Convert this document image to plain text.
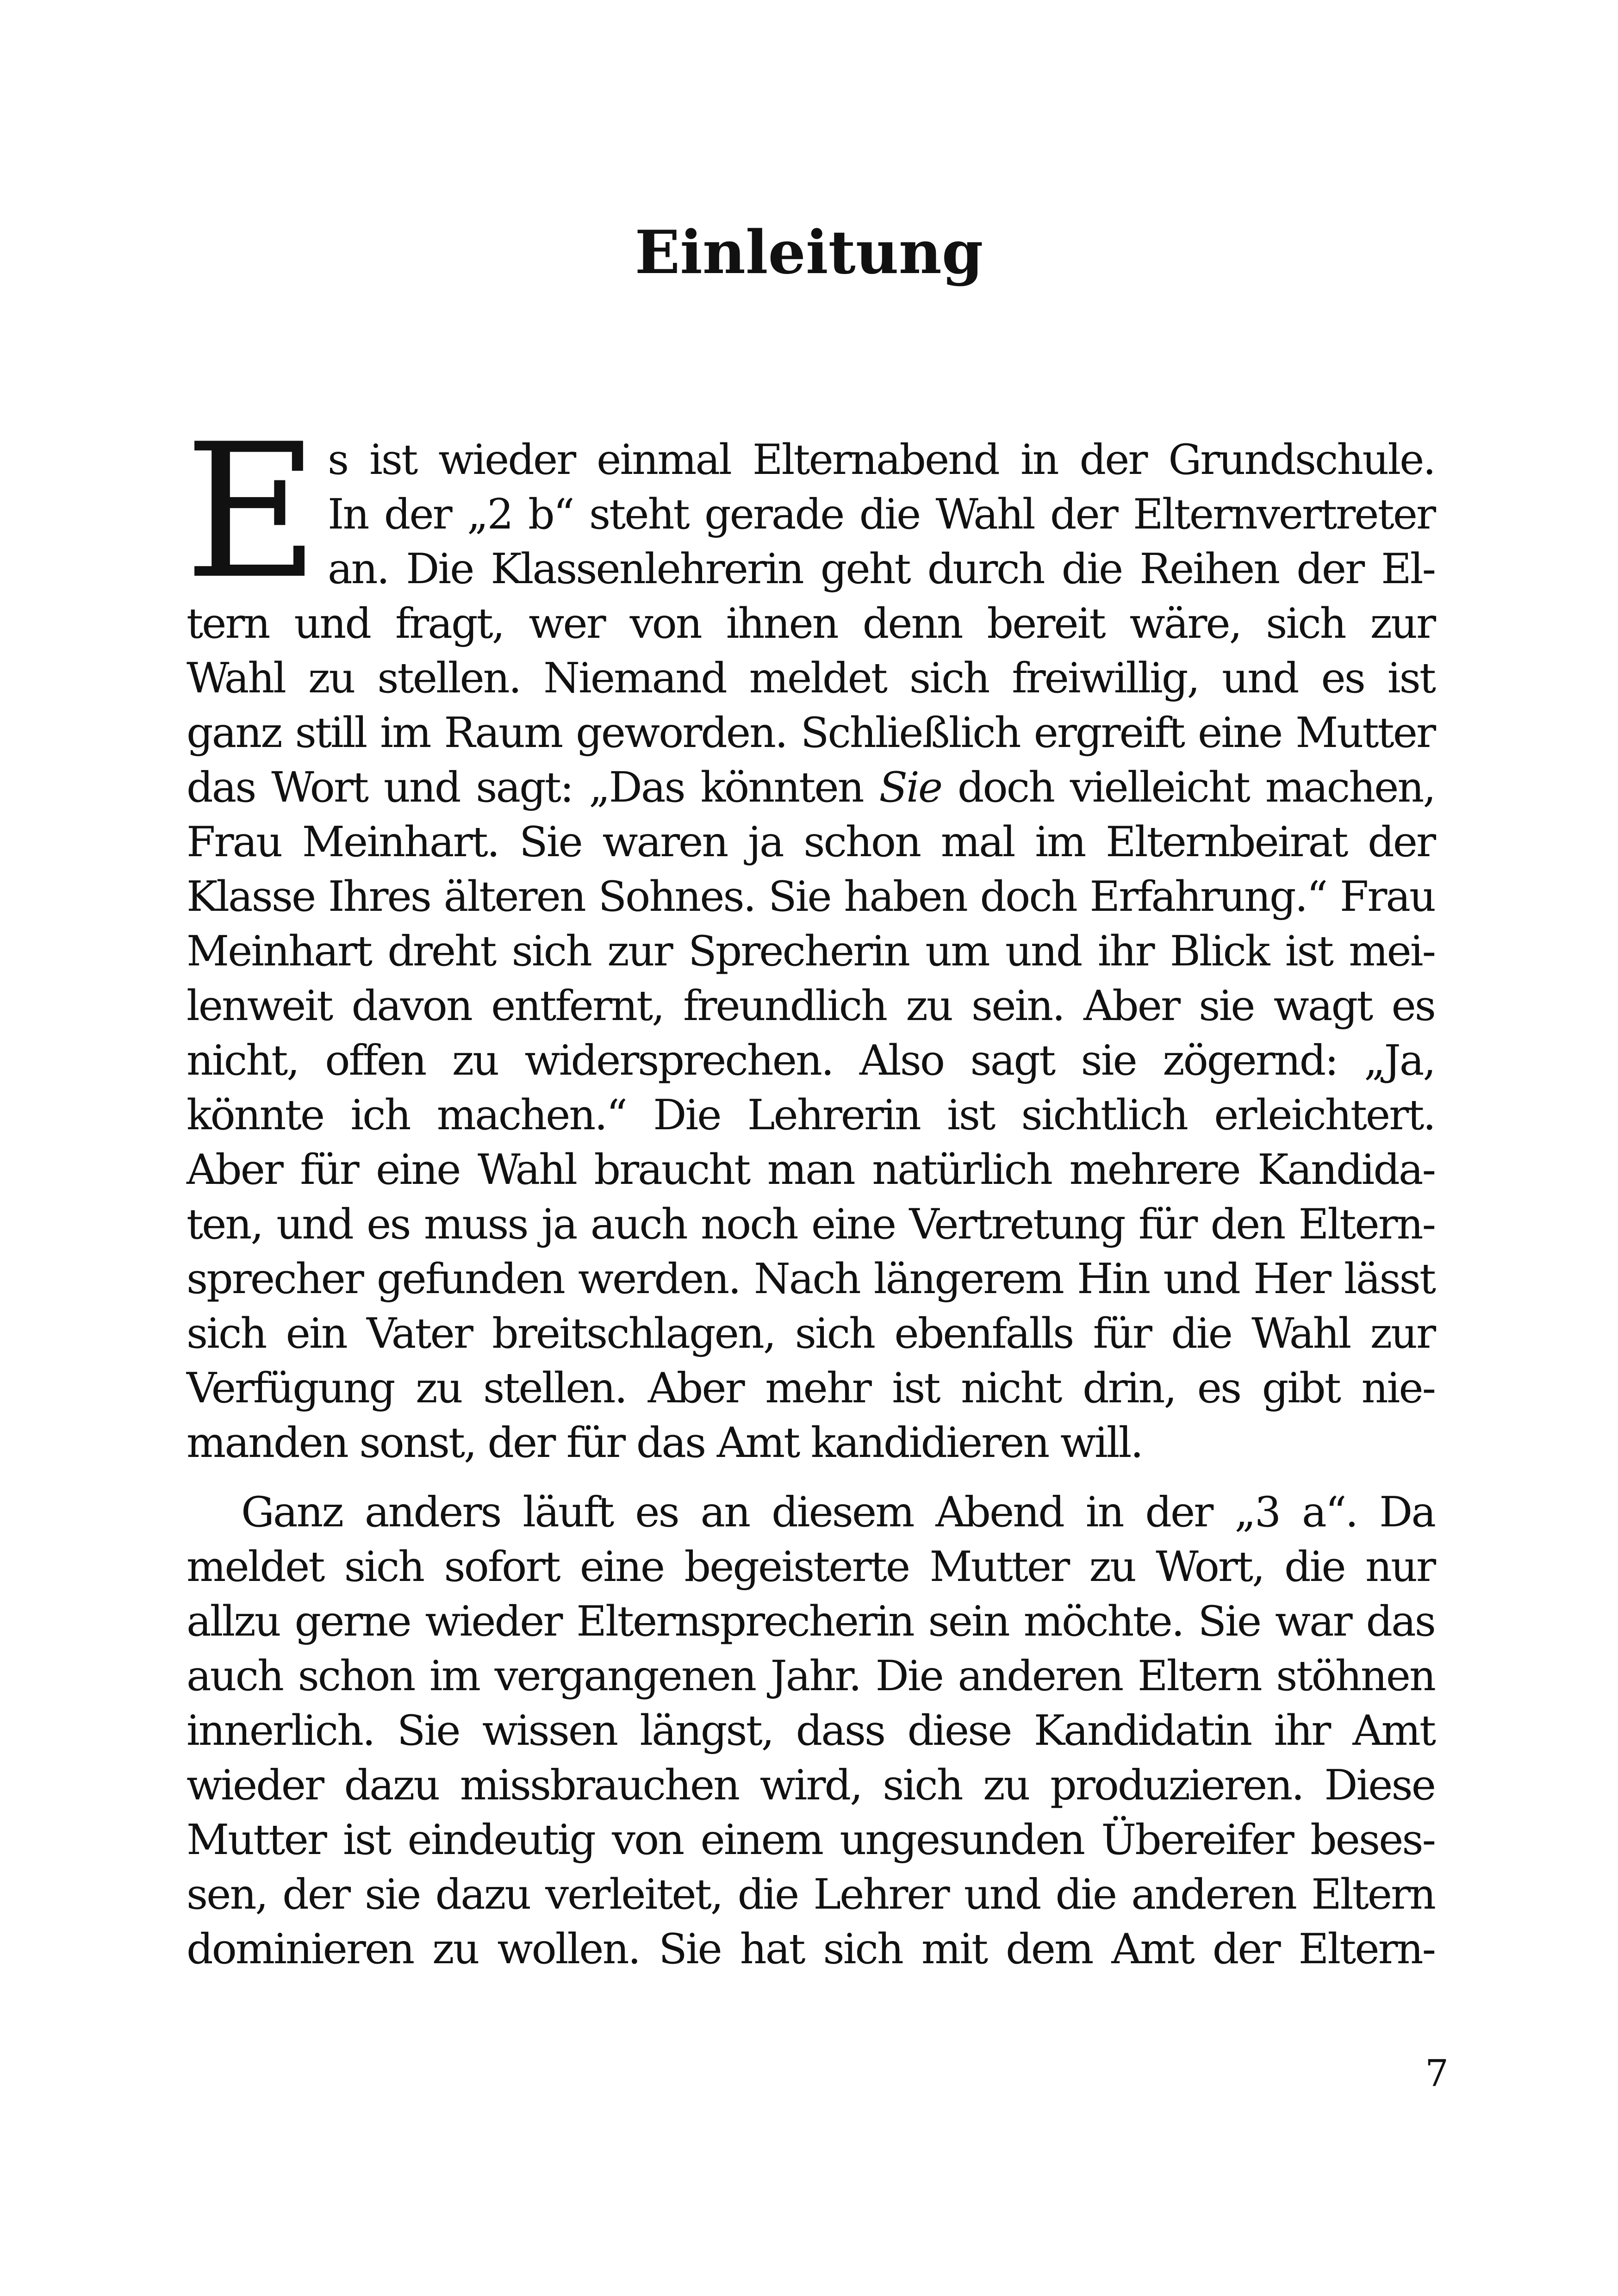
Einleitung
E s ist wieder einmal Elternabend in der Grundschule.
In der „2 b“ steht gerade die Wahl der Elternvertreter
an. Die Klassenlehrerin geht durch die Reihen der El-
tern und fragt, wer von ihnen denn bereit wäre, sich zur
Wahl zu stellen. Niemand meldet sich freiwillig, und es ist
ganz still im Raum geworden. Schließlich ergreift eine Mutter
das Wort und sagt: „Das könnten Sie doch vielleicht machen,
Frau Meinhart. Sie waren ja schon mal im Elternbeirat der
Klasse Ihres älteren Sohnes. Sie haben doch Erfahrung.“ Frau
Meinhart dreht sich zur Sprecherin um und ihr Blick ist mei-
lenweit davon entfernt, freundlich zu sein. Aber sie wagt es
nicht, offen zu widersprechen. Also sagt sie zögernd: „Ja,
könnte ich machen.“ Die Lehrerin ist sichtlich erleichtert.
Aber für eine Wahl braucht man natürlich mehrere Kandida-
ten, und es muss ja auch noch eine Vertretung für den Eltern-
sprecher gefunden werden. Nach längerem Hin und Her lässt
sich ein Vater breitschlagen, sich ebenfalls für die Wahl zur
Verfügung zu stellen. Aber mehr ist nicht drin, es gibt nie-
manden sonst, der für das Amt kandidieren will.
Ganz anders läuft es an diesem Abend in der „3 a“. Da
meldet sich sofort eine begeisterte Mutter zu Wort, die nur
allzu gerne wieder Elternsprecherin sein möchte. Sie war das
auch schon im vergangenen Jahr. Die anderen Eltern stöhnen
innerlich. Sie wissen längst, dass diese Kandidatin ihr Amt
wieder dazu missbrauchen wird, sich zu produzieren. Diese
Mutter ist eindeutig von einem ungesunden Übereifer beses-
sen, der sie dazu verleitet, die Lehrer und die anderen Eltern
dominieren zu wollen. Sie hat sich mit dem Amt der Eltern-
7
